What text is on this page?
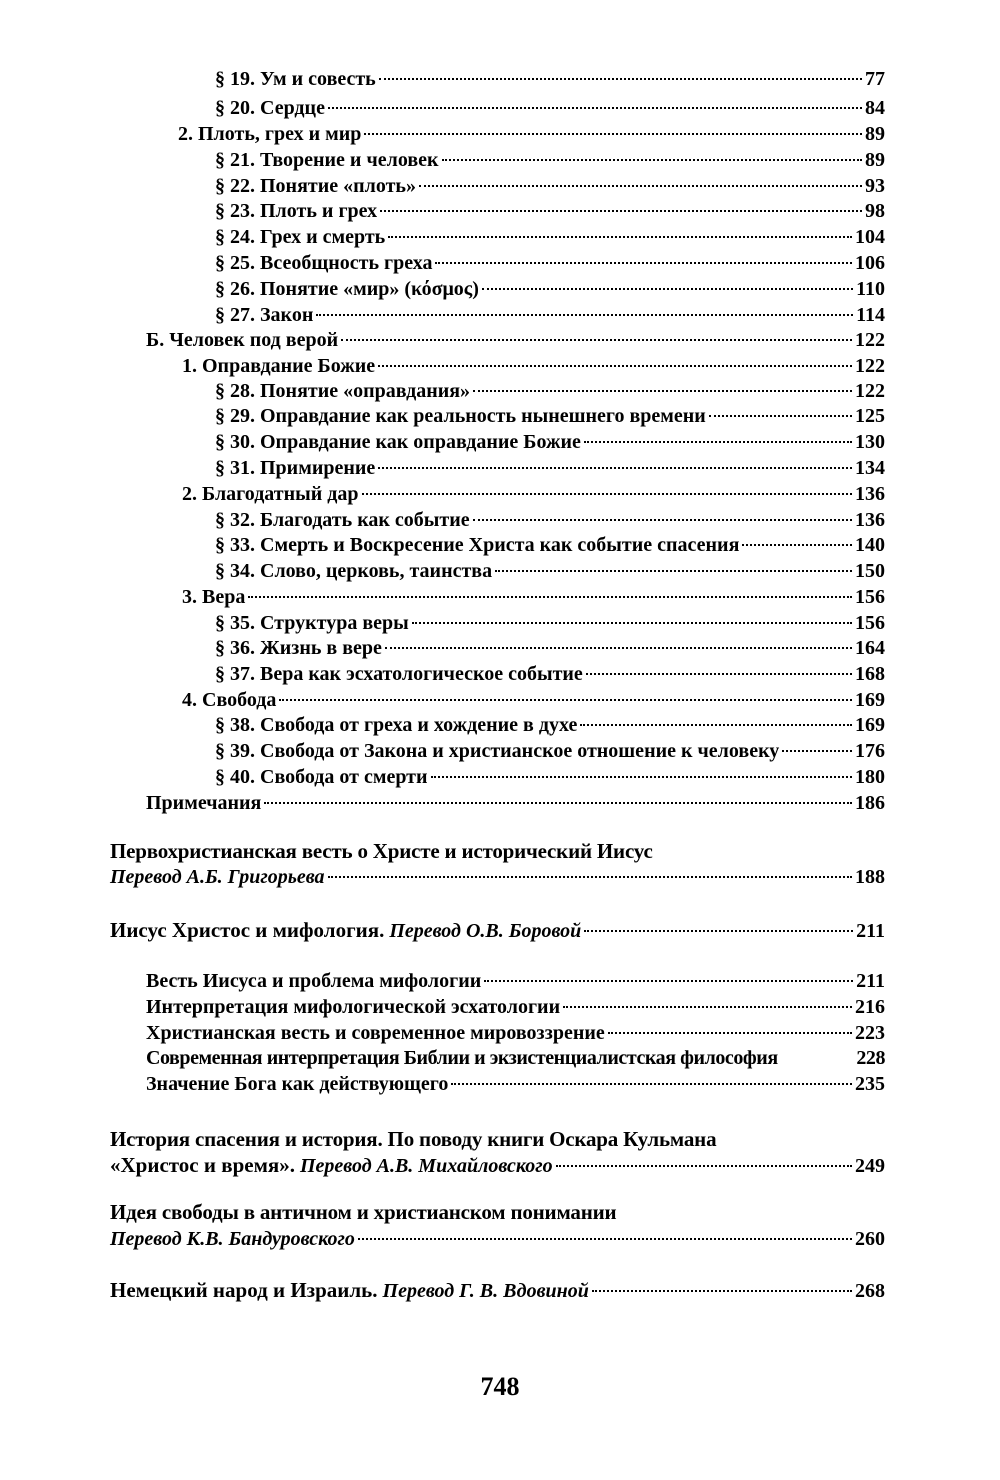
§ 19. Ум и совесть	77
§ 20. Сердце	84
2. Плоть, грех и мир	89
§ 21. Творение и человек	89
§ 22. Понятие «плоть»	93
§ 23. Плоть и грех	98
§ 24. Грех и смерть	104
§ 25. Всеобщность греха	106
§ 26. Понятие «мир» (κόσμος)	110
§ 27. Закон	114
Б. Человек под верой	122
1. Оправдание Божие	122
§ 28. Понятие «оправдания»	122
§ 29. Оправдание как реальность нынешнего времени	125
§ 30. Оправдание как оправдание Божие	130
§ 31. Примирение	134
2. Благодатный дар	136
§ 32. Благодать как событие	136
§ 33. Смерть и Воскресение Христа как событие спасения	140
§ 34. Слово, церковь, таинства	150
3. Вера	156
§ 35. Структура веры	156
§ 36. Жизнь в вере	164
§ 37. Вера как эсхатологическое событие	168
4. Свобода	169
§ 38. Свобода от греха и хождение в духе	169
§ 39. Свобода от Закона и христианское отношение к человеку	176
§ 40. Свобода от смерти	180
Примечания	186
Первохристианская весть о Христе и исторический Иисус
Перевод А.Б. Григорьева	188
Иисус Христос и мифология. Перевод О.В. Боровой	211
Весть Иисуса и проблема мифологии	211
Интерпретация мифологической эсхатологии	216
Христианская весть и современное мировоззрение	223
Современная интерпретация Библии и экзистенциалистская философия	228
Значение Бога как действующего	235
История спасения и история. По поводу книги Оскара Кульмана
«Христос и время». Перевод А.В. Михайловского	249
Идея свободы в античном и христианском понимании
Перевод К.В. Бандуровского	260
Немецкий народ и Израиль. Перевод Г. В. Вдовиной	268
748
